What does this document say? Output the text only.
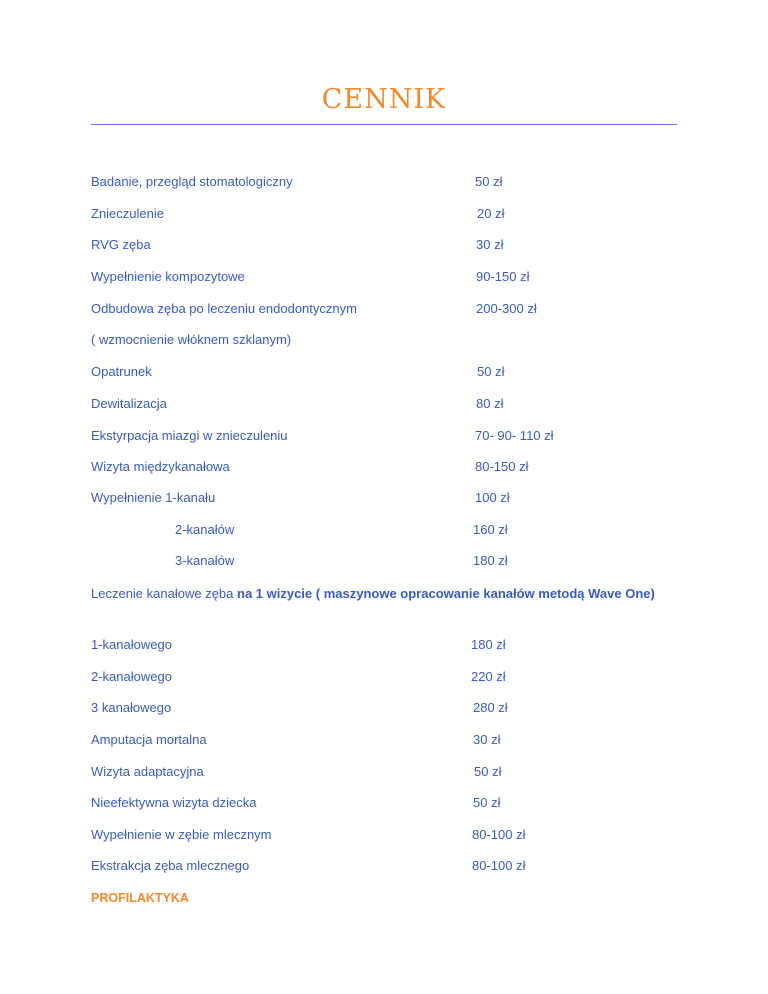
CENNIK
Badanie, przegląd stomatologiczny	50 zł
Znieczulenie	20 zł
RVG zęba	30 zł
Wypełnienie kompozytowe	90-150 zł
Odbudowa zęba po leczeniu endodontycznym	200-300 zł
( wzmocnienie włóknem szklanym)
Opatrunek	50 zł
Dewitalizacja	80 zł
Ekstyrpacja miazgi w znieczuleniu	70- 90- 110 zł
Wizyta międzykanałowa	80-150 zł
Wypełnienie 1-kanału	100 zł
2-kanałów	160 zł
3-kanałów	180 zł
Leczenie kanałowe zęba na 1 wizycie ( maszynowe opracowanie kanałów metodą Wave One)
1-kanałowego	180 zł
2-kanałowego	220 zł
3 kanałowego	280 zł
Amputacja mortalna	30 zł
Wizyta adaptacyjna	50 zł
Nieefektywna wizyta dziecka	50 zł
Wypełnienie w zębie mlecznym	80-100 zł
Ekstrakcja zęba mlecznego	80-100 zł
PROFILAKTYKA
